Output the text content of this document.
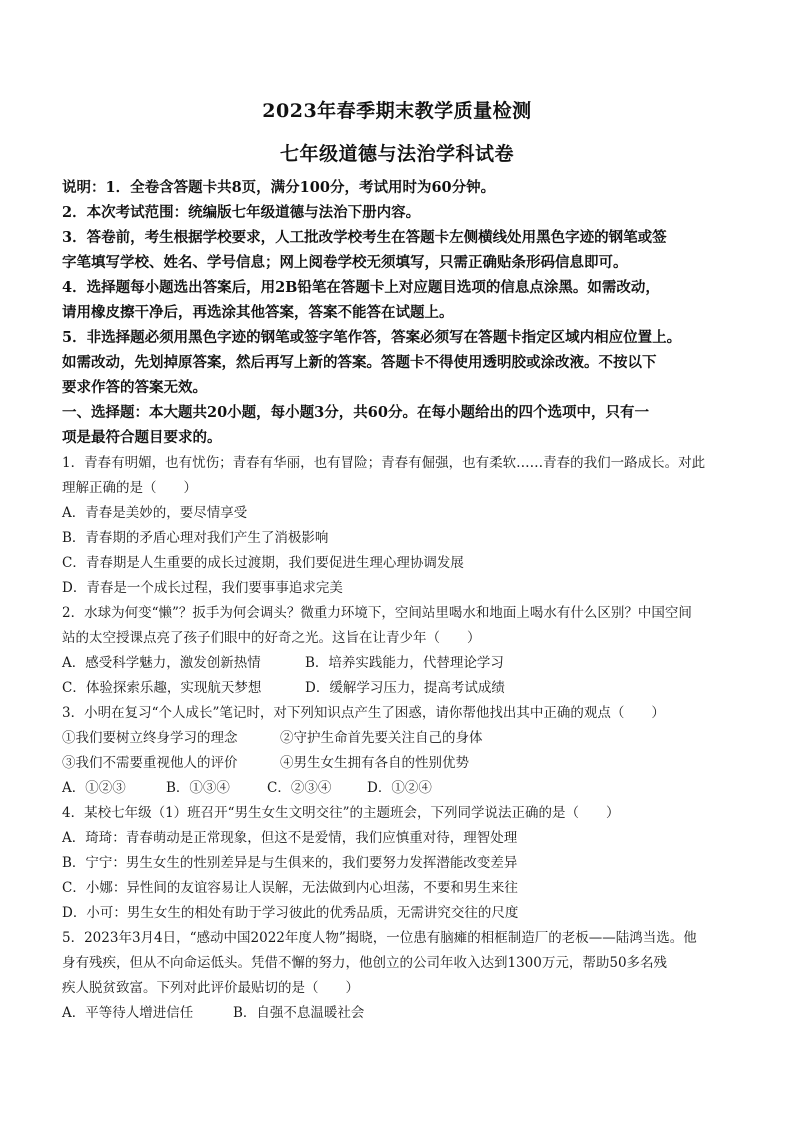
2023年春季期末教学质量检测
七年级道德与法治学科试卷
说明：1．全卷含答题卡共8页，满分100分，考试用时为60分钟。
2．本次考试范围：统编版七年级道德与法治下册内容。
3．答卷前，考生根据学校要求，人工批改学校考生在答题卡左侧横线处用黑色字迹的钢笔或签
字笔填写学校、姓名、学号信息；网上阅卷学校无须填写，只需正确贴条形码信息即可。
4．选择题每小题选出答案后，用2B铅笔在答题卡上对应题目选项的信息点涂黑。如需改动，
请用橡皮擦干净后，再选涂其他答案，答案不能答在试题上。
5．非选择题必须用黑色字迹的钢笔或签字笔作答，答案必须写在答题卡指定区域内相应位置上。
如需改动，先划掉原答案，然后再写上新的答案。答题卡不得使用透明胶或涂改液。不按以下
要求作答的答案无效。
一、选择题：本大题共20小题，每小题3分，共60分。在每小题给出的四个选项中，只有一
项是最符合题目要求的。
1．青春有明媚，也有忧伤；青春有华丽，也有冒险；青春有倔强，也有柔软……青春的我们一路成长。对此
理解正确的是（　　）
A．青春是美妙的，要尽情享受
B．青春期的矛盾心理对我们产生了消极影响
C．青春期是人生重要的成长过渡期，我们要促进生理心理协调发展
D．青春是一个成长过程，我们要事事追求完美
2．水球为何变“懒”？扳手为何会调头？微重力环境下，空间站里喝水和地面上喝水有什么区别？中国空间
站的太空授课点亮了孩子们眼中的好奇之光。这旨在让青少年（　　）
A．感受科学魅力，激发创新热情	B．培养实践能力，代替理论学习
C．体验探索乐趣，实现航天梦想	D．缓解学习压力，提高考试成绩
3．小明在复习“个人成长”笔记时，对下列知识点产生了困惑，请你帮他找出其中正确的观点（　　）
①我们要树立终身学习的理念	②守护生命首先要关注自己的身体
③我们不需要重视他人的评价	④男生女生拥有各自的性别优势
A．①②③	B．①③④	C．②③④	D．①②④
4．某校七年级（1）班召开“男生女生文明交往”的主题班会，下列同学说法正确的是（　　）
A．琦琦：青春萌动是正常现象，但这不是爱情，我们应慎重对待，理智处理
B．宁宁：男生女生的性别差异是与生俱来的，我们要努力发挥潜能改变差异
C．小娜：异性间的友谊容易让人误解，无法做到内心坦荡，不要和男生来往
D．小可：男生女生的相处有助于学习彼此的优秀品质，无需讲究交往的尺度
5．2023年3月4日，“感动中国2022年度人物”揭晓，一位患有脑瘫的相框制造厂的老板——陆鸿当选。他
身有残疾，但从不向命运低头。凭借不懈的努力，他创立的公司年收入达到1300万元，帮助50多名残
疾人脱贫致富。下列对此评价最贴切的是（　　）
A．平等待人增进信任	B．自强不息温暖社会
